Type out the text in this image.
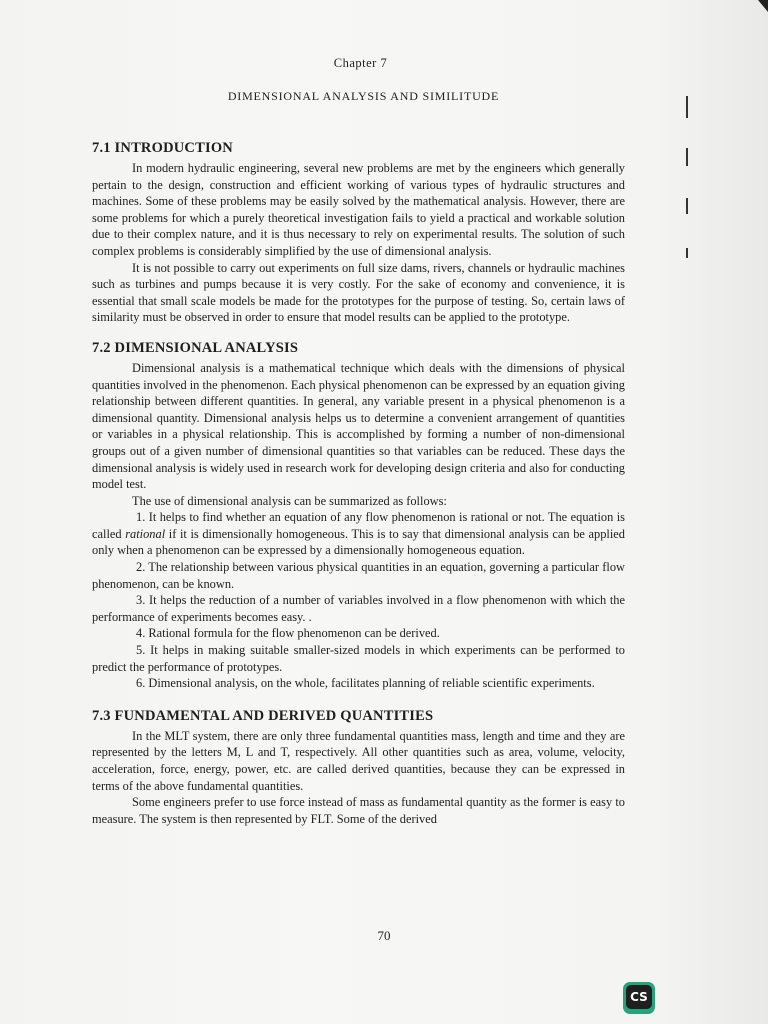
Chapter 7
DIMENSIONAL ANALYSIS AND SIMILITUDE
7.1 INTRODUCTION

In modern hydraulic engineering, several new problems are met by the engineers which generally pertain to the design, construction and efficient working of various types of hydraulic structures and machines. Some of these problems may be easily solved by the mathematical analysis. However, there are some problems for which a purely theoretical investigation fails to yield a practical and workable solution due to their complex nature, and it is thus necessary to rely on experimental results. The solution of such complex problems is considerably simplified by the use of dimensional analysis.

It is not possible to carry out experiments on full size dams, rivers, channels or hydraulic machines such as turbines and pumps because it is very costly. For the sake of economy and convenience, it is essential that small scale models be made for the prototypes for the purpose of testing. So, certain laws of similarity must be observed in order to ensure that model results can be applied to the prototype.

7.2 DIMENSIONAL ANALYSIS

Dimensional analysis is a mathematical technique which deals with the dimensions of physical quantities involved in the phenomenon. Each physical phenomenon can be expressed by an equation giving relationship between different quantities. In general, any variable present in a physical phenomenon is a dimensional quantity. Dimensional analysis helps us to determine a convenient arrangement of quantities or variables in a physical relationship. This is accomplished by forming a number of non-dimensional groups out of a given number of dimensional quantities so that variables can be reduced. These days the dimensional analysis is widely used in research work for developing design criteria and also for conducting model test.

The use of dimensional analysis can be summarized as follows:

1. It helps to find whether an equation of any flow phenomenon is rational or not. The equation is called rational if it is dimensionally homogeneous. This is to say that dimensional analysis can be applied only when a phenomenon can be expressed by a dimensionally homogeneous equation.

2. The relationship between various physical quantities in an equation, governing a particular flow phenomenon, can be known.

3. It helps the reduction of a number of variables involved in a flow phenomenon with which the performance of experiments becomes easy. .

4. Rational formula for the flow phenomenon can be derived.

5. It helps in making suitable smaller-sized models in which experiments can be performed to predict the performance of prototypes.

6. Dimensional analysis, on the whole, facilitates planning of reliable scientific experiments.

7.3 FUNDAMENTAL AND DERIVED QUANTITIES

In the MLT system, there are only three fundamental quantities mass, length and time and they are represented by the letters M, L and T, respectively. All other quantities such as area, volume, velocity, acceleration, force, energy, power, etc. are called derived quantities, because they can be expressed in terms of the above fundamental quantities.

Some engineers prefer to use force instead of mass as fundamental quantity as the former is easy to measure. The system is then represented by FLT. Some of the derived

70
CS
